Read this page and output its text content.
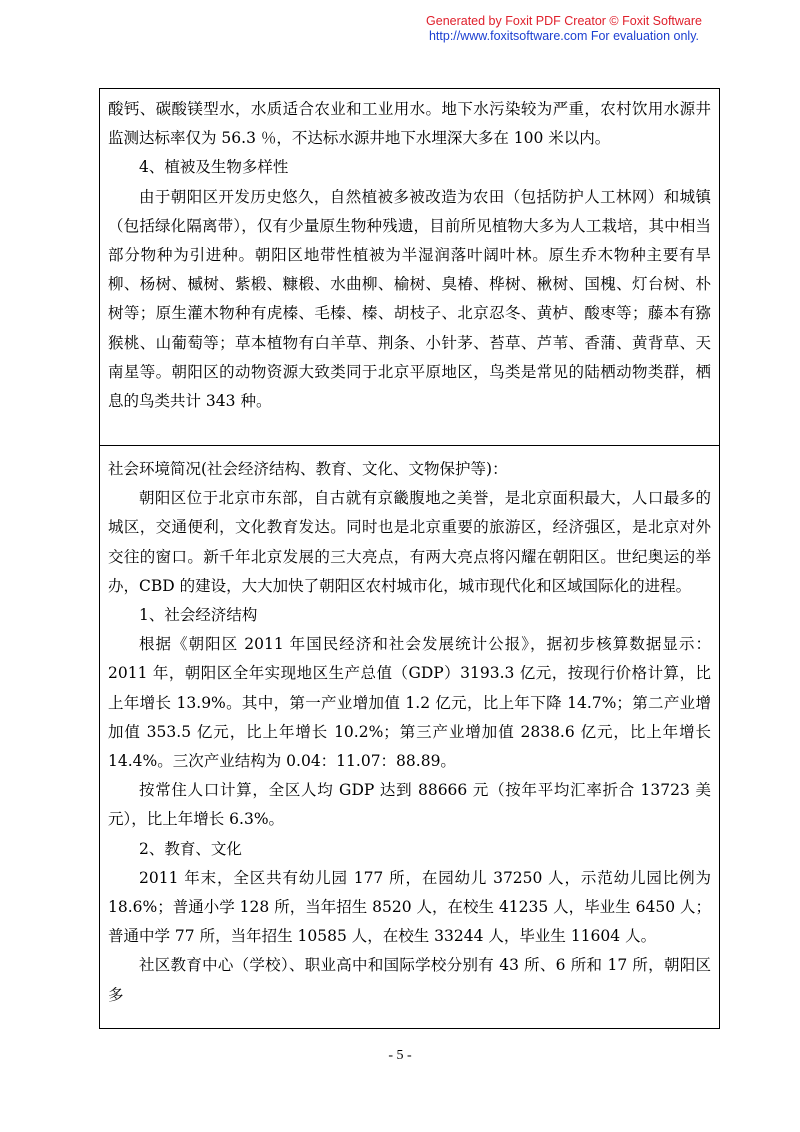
Generated by Foxit PDF Creator © Foxit Software
http://www.foxitsoftware.com For evaluation only.

酸钙、碳酸镁型水，水质适合农业和工业用水。地下水污染较为严重，农村饮用水源井监测达标率仅为 56.3 ％，不达标水源井地下水埋深大多在 100 米以内。

4、植被及生物多样性

由于朝阳区开发历史悠久，自然植被多被改造为农田（包括防护人工林网）和城镇（包括绿化隔离带），仅有少量原生物种残遗，目前所见植物大多为人工栽培，其中相当部分物种为引进种。朝阳区地带性植被为半湿润落叶阔叶林。原生乔木物种主要有旱柳、杨树、槭树、紫椴、糠椴、水曲柳、榆树、臭椿、桦树、楸树、国槐、灯台树、朴树等；原生灌木物种有虎榛、毛榛、榛、胡枝子、北京忍冬、黄栌、酸枣等；藤本有猕猴桃、山葡萄等；草本植物有白羊草、荆条、小针茅、苔草、芦苇、香蒲、黄背草、天南星等。朝阳区的动物资源大致类同于北京平原地区，鸟类是常见的陆栖动物类群，栖息的鸟类共计 343 种。

社会环境简况(社会经济结构、教育、文化、文物保护等)：

朝阳区位于北京市东部，自古就有京畿腹地之美誉，是北京面积最大，人口最多的城区，交通便利，文化教育发达。同时也是北京重要的旅游区，经济强区，是北京对外交往的窗口。新千年北京发展的三大亮点，有两大亮点将闪耀在朝阳区。世纪奥运的举办，CBD 的建设，大大加快了朝阳区农村城市化，城市现代化和区域国际化的进程。

1、社会经济结构

根据《朝阳区 2011 年国民经济和社会发展统计公报》，据初步核算数据显示：2011 年，朝阳区全年实现地区生产总值（GDP）3193.3 亿元，按现行价格计算，比上年增长 13.9%。其中，第一产业增加值 1.2 亿元，比上年下降 14.7%；第二产业增加值 353.5 亿元，比上年增长 10.2%；第三产业增加值 2838.6 亿元，比上年增长 14.4%。三次产业结构为 0.04：11.07：88.89。

按常住人口计算，全区人均 GDP 达到 88666 元（按年平均汇率折合 13723 美元），比上年增长 6.3%。

2、教育、文化

2011 年末，全区共有幼儿园 177 所，在园幼儿 37250 人，示范幼儿园比例为 18.6%；普通小学 128 所，当年招生 8520 人，在校生 41235 人，毕业生 6450 人；普通中学 77 所，当年招生 10585 人，在校生 33244 人，毕业生 11604 人。

社区教育中心（学校）、职业高中和国际学校分别有 43 所、6 所和 17 所，朝阳区多

- 5 -
